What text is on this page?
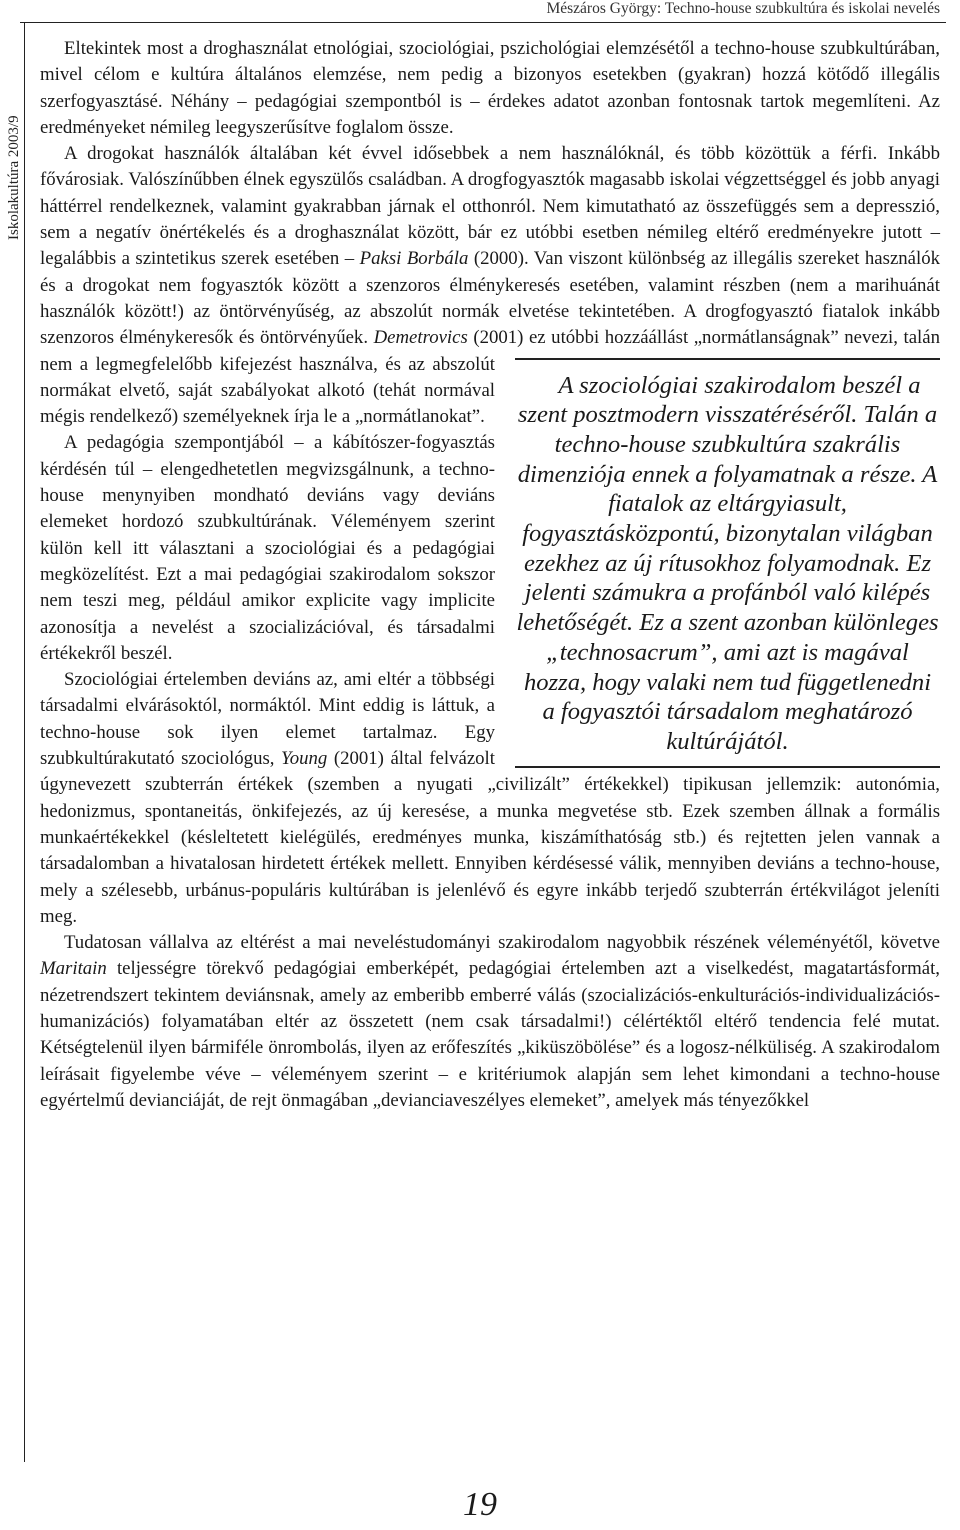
Mészáros György: Techno-house szubkultúra és iskolai nevelés
Iskolakultúra 2003/9

Eltekintek most a droghasználat etnológiai, szociológiai, pszichológiai elemzésétől a techno-house szubkultúrában, mivel célom e kultúra általános elemzése, nem pedig a bizonyos esetekben (gyakran) hozzá kötődő illegális szerfogyasztásé. Néhány – pedagógiai szempontból is – érdekes adatot azonban fontosnak tartok megemlíteni. Az eredményeket némileg leegyszerűsítve foglalom össze.

A drogokat használók általában két évvel idősebbek a nem használóknál, és több közöttük a férfi. Inkább fővárosiak. Valószínűbben élnek egyszülős családban. A drogfogyasztók magasabb iskolai végzettséggel és jobb anyagi háttérrel rendelkeznek, valamint gyakrabban járnak el otthonról. Nem kimutatható az összefüggés sem a depresszió, sem a negatív önértékelés és a droghasználat között, bár ez utóbbi esetben némileg eltérő eredményekre jutott – legalábbis a szintetikus szerek esetében – Paksi Borbála (2000). Van viszont különbség az illegális szereket használók és a drogokat nem fogyasztók között a szenzoros élménykeresés esetében, valamint részben (nem a marihuánát használók között!) az öntörvényűség, az abszolút normák elvetése tekintetében. A drogfogyasztó fiatalok inkább szenzoros élménykeresők és öntörvényűek. Demetrovics (2001) ez utóbbi hozzáállást „normátlanságnak” nevezi, talán nem a legmegfelelőbb kifejezést használva, és az
A szociológiai szakirodalom beszél a szent posztmodern visszatéréséről. Talán a techno-house szubkultúra szakrális dimenziója ennek a folyamatnak a része. A fiatalok az eltárgyiasult, fogyasztásközpontú, bizonytalan világban ezekhez az új rítusokhoz folyamodnak. Ez jelenti számukra a profánból való kilépés lehetőségét. Ez a szent azonban különleges „technosacrum”, ami azt is magával hozza, hogy valaki nem tud függetlenedni a fogyasztói társadalom meghatározó kultúrájától.
abszolút normákat elvető, saját szabályokat alkotó (tehát normával mégis rendelkező) személyeknek írja le a „normátlanokat”.

A pedagógia szempontjából – a kábítószer-fogyasztás kérdésén túl – elengedhetetlen megvizsgálnunk, a techno-house menynyiben mondható deviáns vagy deviáns elemeket hordozó szubkultúrának. Véleményem szerint külön kell itt választani a szociológiai és a pedagógiai megközelítést. Ezt a mai pedagógiai szakirodalom sokszor nem teszi meg, például amikor explicite vagy implicite azonosítja a nevelést a szocializációval, és társadalmi értékekről beszél.

Szociológiai értelemben deviáns az, ami eltér a többségi társadalmi elvárásoktól, normáktól. Mint eddig is láttuk, a techno-house sok ilyen elemet tartalmaz. Egy szubkultúrakutató szociológus, Young (2001) által felvázolt úgynevezett szubterrán értékek (szemben a nyugati „civilizált” értékekkel) tipikusan jellemzik: autonómia, hedonizmus, spontaneitás, önkifejezés, az új keresése, a munka megvetése stb. Ezek szemben állnak a formális munkaértékekkel (késleltetett kielégülés, eredményes munka, kiszámíthatóság stb.) és rejtetten jelen vannak a társadalomban a hivatalosan hirdetett értékek mellett. Ennyiben kérdésessé válik, mennyiben deviáns a techno-house, mely a szélesebb, urbánus-populáris kultúrában is jelenlévő és egyre inkább terjedő szubterrán értékvilágot jeleníti meg.

Tudatosan vállalva az eltérést a mai neveléstudományi szakirodalom nagyobbik részének véleményétől, követve Maritain teljességre törekvő pedagógiai emberképét, pedagógiai értelemben azt a viselkedést, magatartásformát, nézetrendszert tekintem deviánsnak, amely az emberibb emberré válás (szocializációs-enkulturációs-individualizációs-humanizációs) folyamatában eltér az összetett (nem csak társadalmi!) célértéktől eltérő tendencia felé mutat. Kétségtelenül ilyen bármiféle önrombolás, ilyen az erőfeszítés „kiküszöbölése” és a logosz-nélküliség. A szakirodalom leírásait figyelembe véve – véleményem szerint – e kritériumok alapján sem lehet kimondani a techno-house egyértelmű devianciáját, de rejt önmagában „devianciaveszélyes elemeket”, amelyek más tényezőkkel

19
